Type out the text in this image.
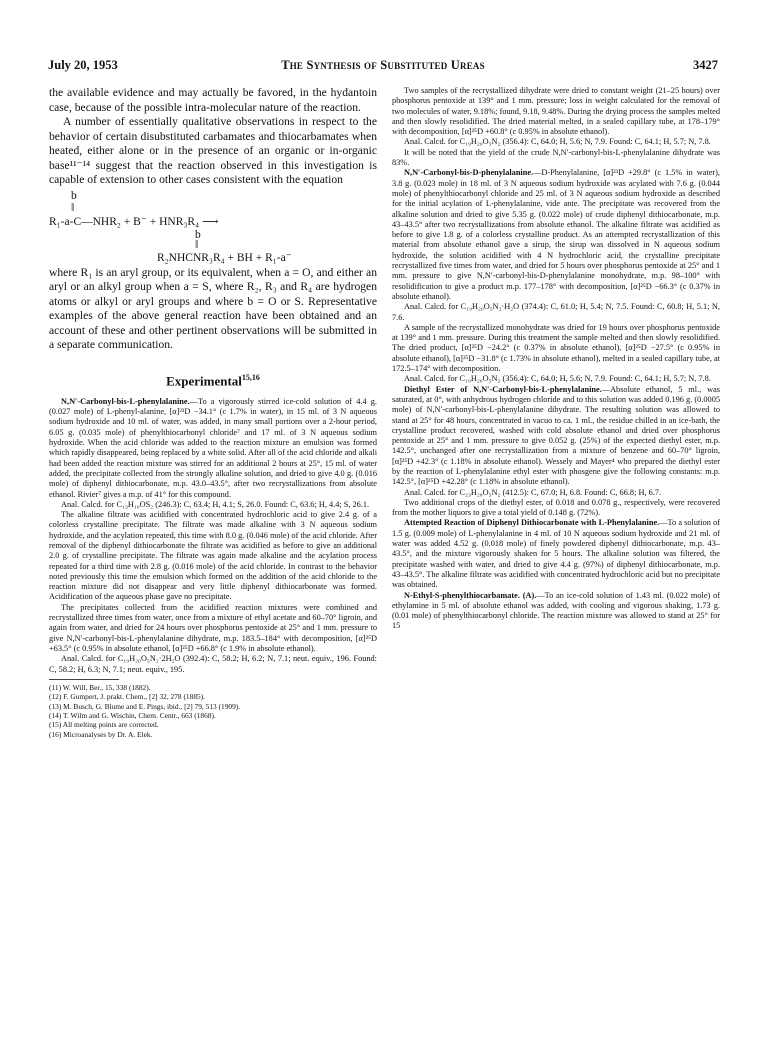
July 20, 1953	The Synthesis of Substituted Ureas	3427

the available evidence and may actually be favored, in the hydantoin case, because of the possible intra-molecular nature of the reaction.

A number of essentially qualitative observations in respect to the behavior of certain disubstituted carbamates and thiocarbamates when heated, either alone or in the presence of an organic or in-organic base¹¹⁻¹⁴ suggest that the reaction observed in this investigation is capable of extension to other cases consistent with the equation

b
‖
R₁-a-C—NHR₂ + B⁻ + HNR₃R₄ ⟶
b
‖
R₂NHCNR₃R₄ + BH + R₁-a⁻

where R₁ is an aryl group, or its equivalent, when a = O, and either an aryl or an alkyl group when a = S, where R₂, R₃ and R₄ are hydrogen atoms or alkyl or aryl groups and where b = O or S. Representative examples of the above general reaction have been obtained and an account of these and other pertinent observations will be submitted in a separate communication.

Experimental$^{15,16}$

N,N′-Carbonyl-bis-L-phenylalanine.—To a vigorously stirred ice-cold solution of 4.4 g. (0.027 mole) of L-phenyl-alanine, [α]²³D −34.1° (c 1.7% in water), in 15 ml. of 3 N aqueous sodium hydroxide and 10 ml. of water, was added, in many small portions over a 2-hour period, 6.05 g. (0.035 mole) of phenylthiocarbonyl chloride⁷ and 17 ml. of 3 N aqueous sodium hydroxide. When the acid chloride was added to the reaction mixture an emulsion was formed which rapidly disappeared, being replaced by a white solid. After all of the acid chloride and alkali had been added the reaction mixture was stirred for an additional 2 hours at 25°, 15 ml. of water added, the precipitate collected from the strongly alkaline solution, and dried to give 4.0 g. (0.016 mole) of diphenyl dithiocarbonate, m.p. 43.0–43.5°, after two recrystallizations from absolute ethanol. Rivier⁷ gives a m.p. of 41° for this compound.

Anal. Calcd. for C₁₃H₁₀OS₂ (246.3): C, 63.4; H, 4.1; S, 26.0. Found: C, 63.6; H, 4.4; S, 26.1.

The alkaline filtrate was acidified with concentrated hydrochloric acid to give 2.4 g. of a colorless crystalline precipitate. The filtrate was made alkaline with 3 N aqueous sodium hydroxide, and the acylation repeated, this time with 8.0 g. (0.046 mole) of the acid chloride. After removal of the diphenyl dithiocarbonate the filtrate was acidified as before to give an additional 2.0 g. of crystalline precipitate. The filtrate was again made alkaline and the acylation process repeated for a third time with 2.8 g. (0.016 mole) of the acid chloride. In contrast to the behavior noted previously this time the emulsion which formed on the addition of the acid chloride to the reaction mixture did not disappear and very little diphenyl dithiocarbonate was formed. Acidification of the aqueous phase gave no precipitate.

The precipitates collected from the acidified reaction mixtures were combined and recrystallized three times from water, once from a mixture of ethyl acetate and 60–70° ligroin, and again from water, and dried for 24 hours over phosphorus pentoxide at 25° and 1 mm. pressure to give N,N′-carbonyl-bis-L-phenylalanine dihydrate, m.p. 183.5–184° with decomposition, [α]²⁵D +63.5° (c 0.95% in absolute ethanol, [α]²⁵D +66.8° (c 1.9% in absolute ethanol).

Anal. Calcd. for C₁₉H₂₀O₅N₂·2H₂O (392.4): C, 58.2; H, 6.2; N, 7.1; neut. equiv., 196. Found: C, 58.2; H, 6.3; N, 7.1; neut. equiv., 195.

(11) W. Will, Ber., 15, 338 (1882).

(12) F. Gumpert, J. prakt. Chem., [2] 32, 278 (1885).

(13) M. Busch, G. Blume and E. Pings, ibid., [2] 79, 513 (1909).

(14) T. Wilm and G. Wischin, Chem. Centr., 663 (1868).

(15) All melting points are corrected.

(16) Microanalyses by Dr. A. Elek.

Two samples of the recrystallized dihydrate were dried to constant weight (21–25 hours) over phosphorus pentoxide at 139° and 1 mm. pressure; loss in weight calculated for the removal of two molecules of water, 9.18%; found, 9.18, 9.48%. During the drying process the samples melted and then slowly resolidified. The dried material melted, in a sealed capillary tube, at 178–179° with decomposition, [α]²⁵D +60.8° (c 0.95% in absolute ethanol).

Anal. Calcd. for C₁₉H₂₀O₅N₂ (356.4): C, 64.0; H, 5.6; N, 7.9. Found: C, 64.1; H, 5.7; N, 7.8.

It will be noted that the yield of the crude N,N′-carbonyl-bis-L-phenylalanine dihydrate was 83%.

N,N′-Carbonyl-bis-D-phenylalanine.—D-Phenylalanine, [α]²³D +29.8° (c 1.5% in water), 3.8 g. (0.023 mole) in 18 ml. of 3 N aqueous sodium hydroxide was acylated with 7.6 g. (0.044 mole) of phenylthiocarbonyl chloride and 25 ml. of 3 N aqueous sodium hydroxide as described for the initial acylation of L-phenylalanine, vide ante. The precipitate was recovered from the alkaline solution and dried to give 5.35 g. (0.022 mole) of crude diphenyl dithiocarbonate, m.p. 43–43.5° after two recrystallizations from absolute ethanol. The alkaline filtrate was acidified as before to give 1.8 g. of a colorless crystalline product. As an attempted recrystallization of this material from absolute ethanol gave a sirup, the sirup was dissolved in N aqueous sodium hydroxide, the solution acidified with 4 N hydrochloric acid, the crystalline precipitate recrystallized five times from water, and dried for 5 hours over phosphorus pentoxide at 25° and 1 mm. pressure to give N,N′-carbonyl-bis-D-phenylalanine monohydrate, m.p. 98–100° with resolidification to give a product m.p. 177–178° with decomposition, [α]²⁵D −66.3° (c 0.37% in absolute ethanol).

Anal. Calcd. for C₁₉H₂₀O₅N₂·H₂O (374.4): C, 61.0; H, 5.4; N, 7.5. Found: C, 60.8; H, 5.1; N, 7.6.

A sample of the recrystallized monohydrate was dried for 19 hours over phosphorus pentoxide at 139° and 1 mm. pressure. During this treatment the sample melted and then slowly resolidified. The dried product, [α]²⁵D −24.2° (c 0.37% in absolute ethanol), [α]²⁵D −27.5° (c 0.95% in absolute ethanol), [α]²⁵D −31.8° (c 1.73% in absolute ethanol), melted in a sealed capillary tube, at 172.5–174° with decomposition.

Anal. Calcd. for C₁₉H₂₀O₅N₂ (356.4): C, 64.0; H, 5.6; N, 7.9. Found: C, 64.1; H, 5.7; N, 7.8.

Diethyl Ester of N,N′-Carbonyl-bis-L-phenylalanine.—Absolute ethanol, 5 ml., was saturated, at 0°, with anhydrous hydrogen chloride and to this solution was added 0.196 g. (0.0005 mole) of N,N′-carbonyl-bis-L-phenylalanine dihydrate. The resulting solution was allowed to stand at 25° for 48 hours, concentrated in vacuo to ca. 1 ml., the residue chilled in an ice-bath, the crystalline product recovered, washed with cold absolute ethanol and dried over phosphorus pentoxide at 25° and 1 mm. pressure to give 0.052 g. (25%) of the expected diethyl ester, m.p. 142.5°, unchanged after one recrystallization from a mixture of benzene and 60–70° ligroin, [α]²⁵D +42.3° (c 1.18% in absolute ethanol). Wessely and Mayer⁴ who prepared the diethyl ester by the reaction of L-phenylalanine ethyl ester with phosgene give the following constants: m.p. 142.5°, [α]²⁵D +42.28° (c 1.18% in absolute ethanol).

Anal. Calcd. for C₂₃H₂₈O₅N₂ (412.5): C, 67.0; H, 6.8. Found: C, 66.8; H, 6.7.

Two additional crops of the diethyl ester, of 0.018 and 0.078 g., respectively, were recovered from the mother liquors to give a total yield of 0.148 g. (72%).

Attempted Reaction of Diphenyl Dithiocarbonate with L-Phenylalanine.—To a solution of 1.5 g. (0.009 mole) of L-phenylalanine in 4 ml. of 10 N aqueous sodium hydroxide and 21 ml. of water was added 4.52 g. (0.018 mole) of finely powdered diphenyl dithiocarbonate, m.p. 43–43.5°, and the mixture vigorously shaken for 5 hours. The alkaline solution was filtered, the precipitate washed with water, and dried to give 4.4 g. (97%) of diphenyl dithiocarbonate, m.p. 43–43.5°. The alkaline filtrate was acidified with concentrated hydrochloric acid but no precipitate was obtained.

N-Ethyl-S-phenylthiocarbamate. (A).—To an ice-cold solution of 1.43 ml. (0.022 mole) of ethylamine in 5 ml. of absolute ethanol was added, with cooling and vigorous shaking, 1.73 g. (0.01 mole) of phenylthiocarbonyl chloride. The reaction mixture was allowed to stand at 25° for 15
